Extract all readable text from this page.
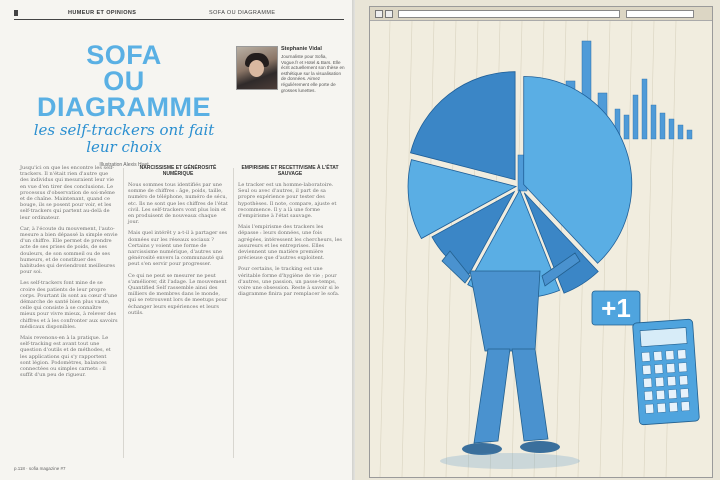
HUMEUR ET OPINIONS	SOFA OU DIAGRAMME
SOFA
OU DIAGRAMME
les self-trackers ont fait leur choix
Illustration Alexis Huet
Stephanie Vidal
Journaliste pour Sofia, Vogue.fr et Hotel & Bars. Elle écrit actuellement son thèse en esthétique sur la visualisation de données. Aimez régulièrement elle porte de grosses lunettes.

Jusqu'ici on que les encontre les self-trackers. Il n'était rien d'autre que des individus qui mesuraient leur vie en vue d'en tirer des conclusions. Le processus d'observation de soi-même et de chaîne. Maintenant, quand ce bouge, ils se posent pour voir, et les self-trackers qui partent au-delà de leur ordinateur.

Car, à l'écoute du mouvement, l'auto-mesure a bien dépassé la simple envie d'un chiffre. Elle permet de prendre acte de ses prises de poids, de ses douleurs, de son sommeil ou de ses humeurs, et de constituer des habitudes qui deviendront meilleures pour soi.

Les self-trackers font mine de se croire des patients de leur propre corps. Pourtant ils sont au cœur d'une démarche de santé bien plus vaste, celle qui consiste à se connaître mieux pour vivre mieux, à relever des chiffres et à les confronter aux savoirs médicaux disponibles.

Mais revenons-en à la pratique. Le self-tracking est avant tout une question d'outils et de méthodes, et les applications qui s'y rapportent sont légion. Podomètres, balances connectées ou simples carnets : il suffit d'un peu de rigueur.

NARCISSISME ET GÉNÉROSITÉ NUMÉRIQUE

Nous sommes tous identifiés par une somme de chiffres : âge, poids, taille, numéro de téléphone, numéro de sécu, etc. Ils ne sont que les chiffres de l'état civil. Les self-trackers vont plus loin et en produisent de nouveaux chaque jour.

Mais quel intérêt y a-t-il à partager ses données sur les réseaux sociaux ? Certains y voient une forme de narcissisme numérique, d'autres une générosité envers la communauté qui peut s'en servir pour progresser.

Ce qui ne peut se mesurer ne peut s'améliorer, dit l'adage. Le mouvement Quantified Self rassemble ainsi des milliers de membres dans le monde, qui se retrouvent lors de meetups pour échanger leurs expériences et leurs outils.

EMPIRISME ET RECETTIVISME À L'ÉTAT SAUVAGE

Le tracker est un homme-laboratoire. Seul ou avec d'autres, il part de sa propre expérience pour tester des hypothèses. Il note, compare, ajuste et recommence. Il y a là une forme d'empirisme à l'état sauvage.

Mais l'empirisme des trackers les dépasse : leurs données, une fois agrégées, intéressent les chercheurs, les assureurs et les entreprises. Elles deviennent une matière première précieuse que d'autres exploitent.

Pour certains, le tracking est une véritable forme d'hygiène de vie ; pour d'autres, une passion, un passe-temps, voire une obsession. Reste à savoir si le diagramme finira par remplacer le sofa.

p.118 · sofia magazine #7
+1
